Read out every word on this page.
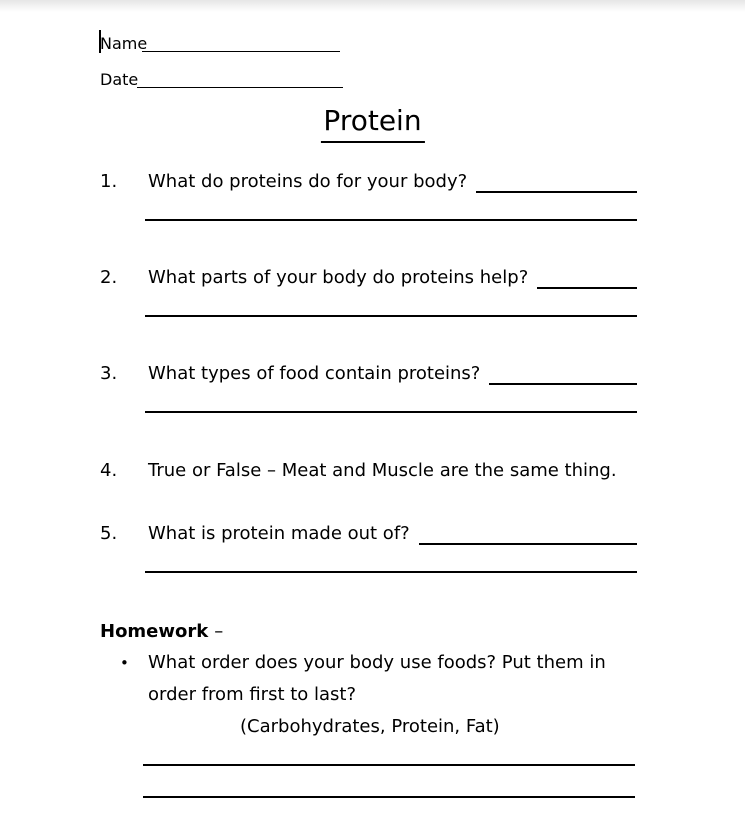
Name
Date
Protein
1.	What do proteins do for your body?
2.	What parts of your body do proteins help?
3.	What types of food contain proteins?
4.	True or False – Meat and Muscle are the same thing.
5.	What is protein made out of?
Homework –
• What order does your body use foods? Put them in
order from first to last?
(Carbohydrates, Protein, Fat)
